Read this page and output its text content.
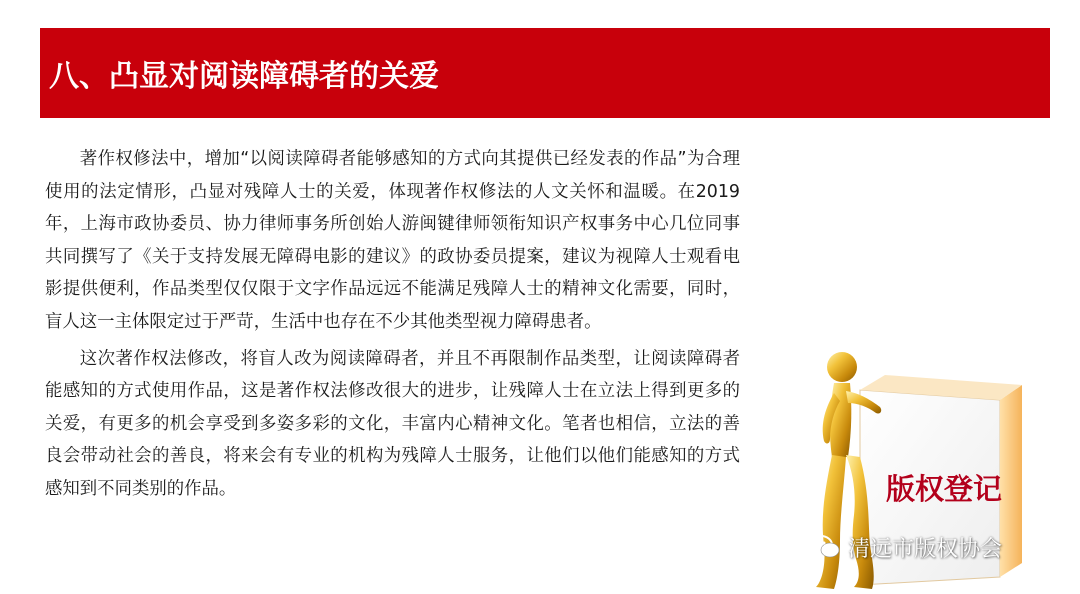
八、凸显对阅读障碍者的关爱

著作权修法中，增加“以阅读障碍者能够感知的方式向其提供已经发表的作品”为合理使用的法定情形，凸显对残障人士的关爱，体现著作权修法的人文关怀和温暖。在2019年，上海市政协委员、协力律师事务所创始人游闽键律师领衔知识产权事务中心几位同事共同撰写了《关于支持发展无障碍电影的建议》的政协委员提案，建议为视障人士观看电影提供便利，作品类型仅仅限于文字作品远远不能满足残障人士的精神文化需要，同时，盲人这一主体限定过于严苛，生活中也存在不少其他类型视力障碍患者。

这次著作权法修改，将盲人改为阅读障碍者，并且不再限制作品类型，让阅读障碍者能感知的方式使用作品，这是著作权法修改很大的进步，让残障人士在立法上得到更多的关爱，有更多的机会享受到多姿多彩的文化，丰富内心精神文化。笔者也相信，立法的善良会带动社会的善良，将来会有专业的机构为残障人士服务，让他们以他们能感知的方式感知到不同类别的作品。	版权登记
清远市版权协会
